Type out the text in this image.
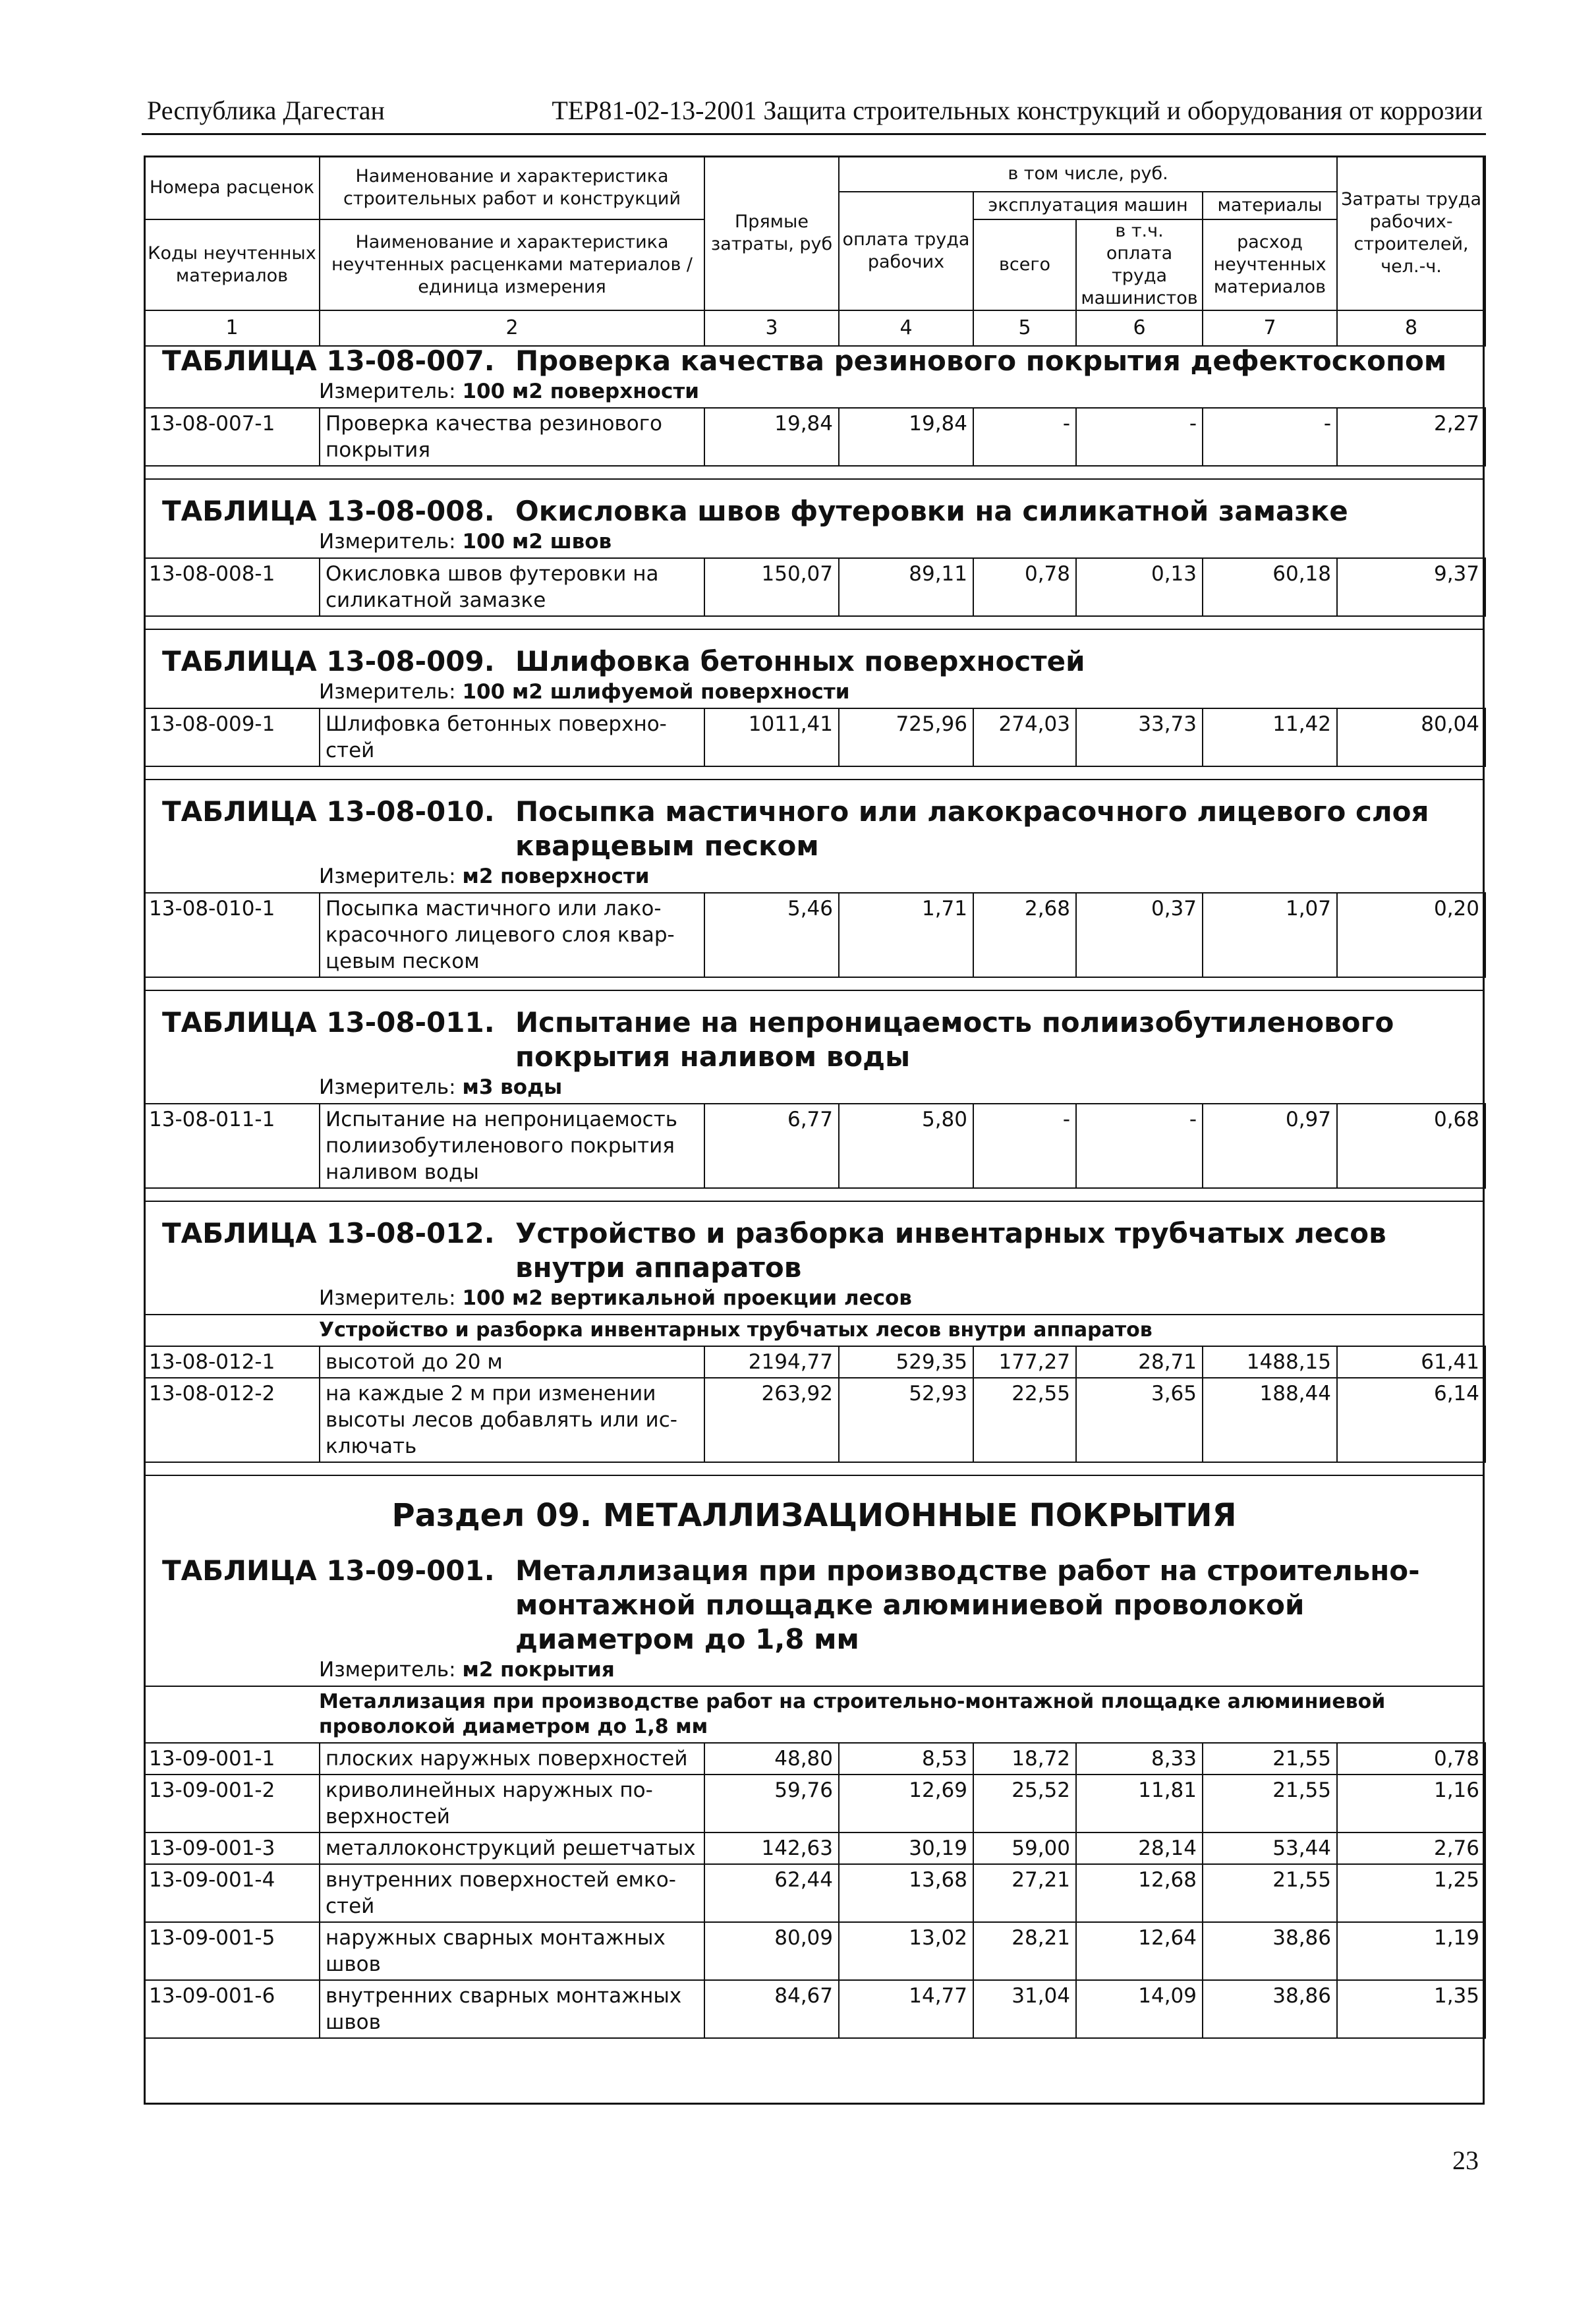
Республика Дагестан	ТЕР81-02-13-2001 Защита строительных конструкций и оборудования от коррозии
Номера расценок	Наименование и характеристика строительных работ и конструкций	Прямые затраты, руб	в том числе, руб.				Затраты труда рабочих-строителей, чел.-ч.
			оплата труда рабочих	эксплуатация машин		материалы	
Коды неучтенных материалов	Наименование и характеристика неучтенных расценками материалов / единица измерения			всего	в т.ч. оплата труда машинистов	расход неучтенных материалов	

1	2	3	4	5	6	7	8
ТАБЛИЦА 13-08-007. Проверка качества резинового покрытия дефектоскопом
Измеритель: 100 м2 поверхности
13-08-007-1	Проверка качества резинового покрытия	19,84	19,84	-	-	-	2,27
ТАБЛИЦА 13-08-008. Окисловка швов футеровки на силикатной замазке
Измеритель: 100 м2 швов
13-08-008-1	Окисловка швов футеровки на силикатной замазке	150,07	89,11	0,78	0,13	60,18	9,37
ТАБЛИЦА 13-08-009. Шлифовка бетонных поверхностей
Измеритель: 100 м2 шлифуемой поверхности
13-08-009-1	Шлифовка бетонных поверхно-стей	1011,41	725,96	274,03	33,73	11,42	80,04
ТАБЛИЦА 13-08-010. Посыпка мастичного или лакокрасочного лицевого слоя кварцевым песком
Измеритель: м2 поверхности
13-08-010-1	Посыпка мастичного или лако-красочного лицевого слоя квар-цевым песком	5,46	1,71	2,68	0,37	1,07	0,20
ТАБЛИЦА 13-08-011. Испытание на непроницаемость полиизобутиленового покрытия наливом воды
Измеритель: м3 воды
13-08-011-1	Испытание на непроницаемость полиизобутиленового покрытия наливом воды	6,77	5,80	-	-	0,97	0,68
ТАБЛИЦА 13-08-012. Устройство и разборка инвентарных трубчатых лесов внутри аппаратов
Измеритель: 100 м2 вертикальной проекции лесов
Устройство и разборка инвентарных трубчатых лесов внутри аппаратов
13-08-012-1	высотой до 20 м	2194,77	529,35	177,27	28,71	1488,15	61,41
13-08-012-2	на каждые 2 м при изменении высоты лесов добавлять или ис-ключать	263,92	52,93	22,55	3,65	188,44	6,14
Раздел 09. МЕТАЛЛИЗАЦИОННЫЕ ПОКРЫТИЯ
ТАБЛИЦА 13-09-001. Металлизация при производстве работ на строительно-монтажной площадке алюминиевой проволокой диаметром до 1,8 мм
Измеритель: м2 покрытия
Металлизация при производстве работ на строительно-монтажной площадке алюминиевой проволокой диаметром до 1,8 мм
13-09-001-1	плоских наружных поверхностей	48,80	8,53	18,72	8,33	21,55	0,78
13-09-001-2	криволинейных наружных по-верхностей	59,76	12,69	25,52	11,81	21,55	1,16
13-09-001-3	металлоконструкций решетчатых	142,63	30,19	59,00	28,14	53,44	2,76
13-09-001-4	внутренних поверхностей емко-стей	62,44	13,68	27,21	12,68	21,55	1,25
13-09-001-5	наружных сварных монтажных швов	80,09	13,02	28,21	12,64	38,86	1,19
13-09-001-6	внутренних сварных монтажных швов	84,67	14,77	31,04	14,09	38,86	1,35
23
